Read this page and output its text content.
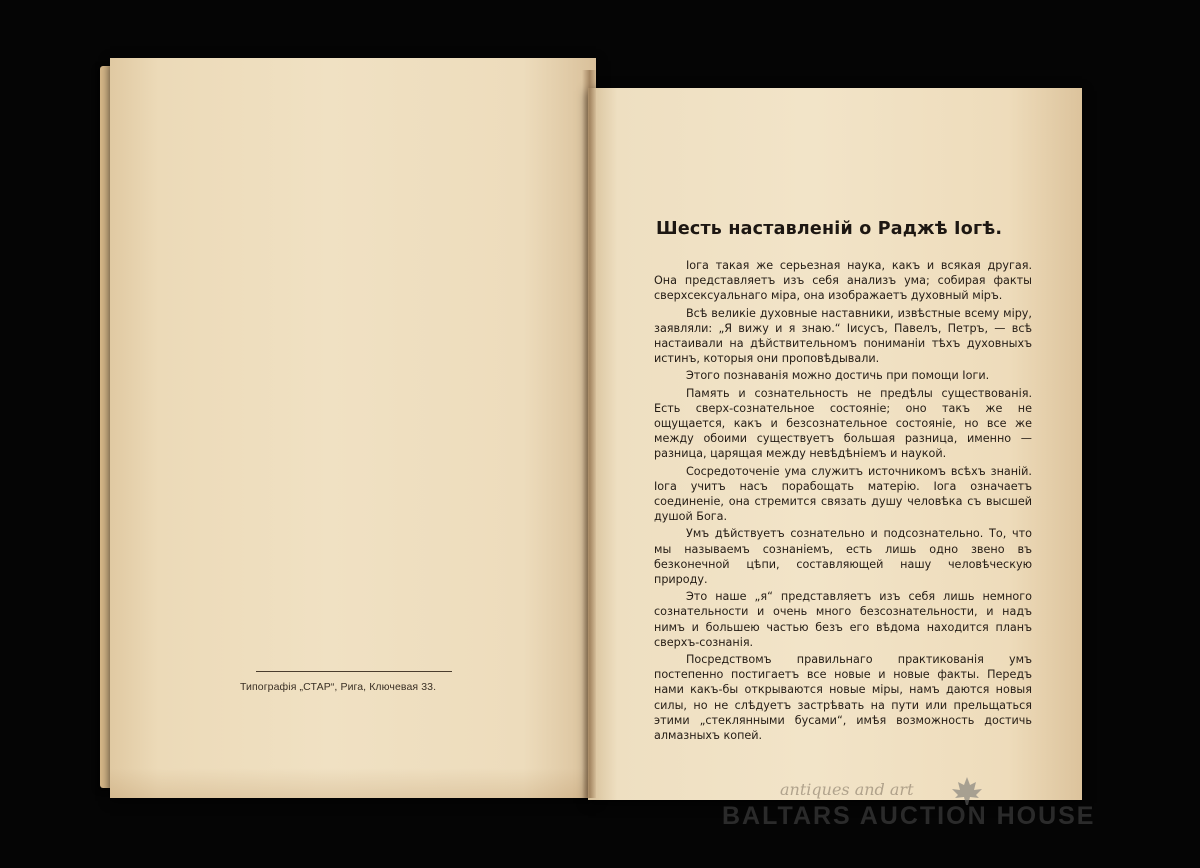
Типографія „СТАР“, Рига, Ключевая 33.
Шесть наставленій о Раджѣ Іогѣ.

Іога такая же серьезная наука, какъ и всякая другая. Она представляетъ изъ себя анализъ ума; собирая факты сверхсексуальнаго міра, она изображаетъ духовный міръ.

Всѣ великіе духовные наставники, извѣстные всему міру, заявляли: „Я вижу и я знаю.“ Іисусъ, Павелъ, Петръ, — всѣ настаивали на дѣйствительномъ пониманіи тѣхъ духовныхъ истинъ, которыя они проповѣдывали.

Этого познаванія можно достичь при помощи Іоги.

Память и сознательность не предѣлы существованія. Есть сверх-сознательное состояніе; оно такъ же не ощущается, какъ и безсознательное состояніе, но все же между обоими существуетъ большая разница, именно — разница, царящая между невѣдѣніемъ и наукой.

Сосредоточеніе ума служитъ источникомъ всѣхъ знаній. Іога учитъ насъ порабощать матерію. Іога означаетъ соединеніе, она стремится связать душу человѣка съ высшей душой Бога.

Умъ дѣйствуетъ сознательно и подсознательно. То, что мы называемъ сознаніемъ, есть лишь одно звено въ безконечной цѣпи, составляющей нашу человѣческую природу.

Это наше „я“ представляетъ изъ себя лишь немного сознательности и очень много безсознательности, и надъ нимъ и большею частью безъ его вѣдома находится планъ сверхъ-сознанія.

Посредствомъ правильнаго практикованія умъ постепенно постигаетъ все новые и новые факты. Передъ нами какъ-бы открываются новые міры, намъ даются новыя силы, но не слѣдуетъ застрѣвать на пути или прельщаться этими „стеклянными бусами“, имѣя возможность достичь алмазныхъ копей.

antiques and art
BALTARS AUCTION HOUSE
